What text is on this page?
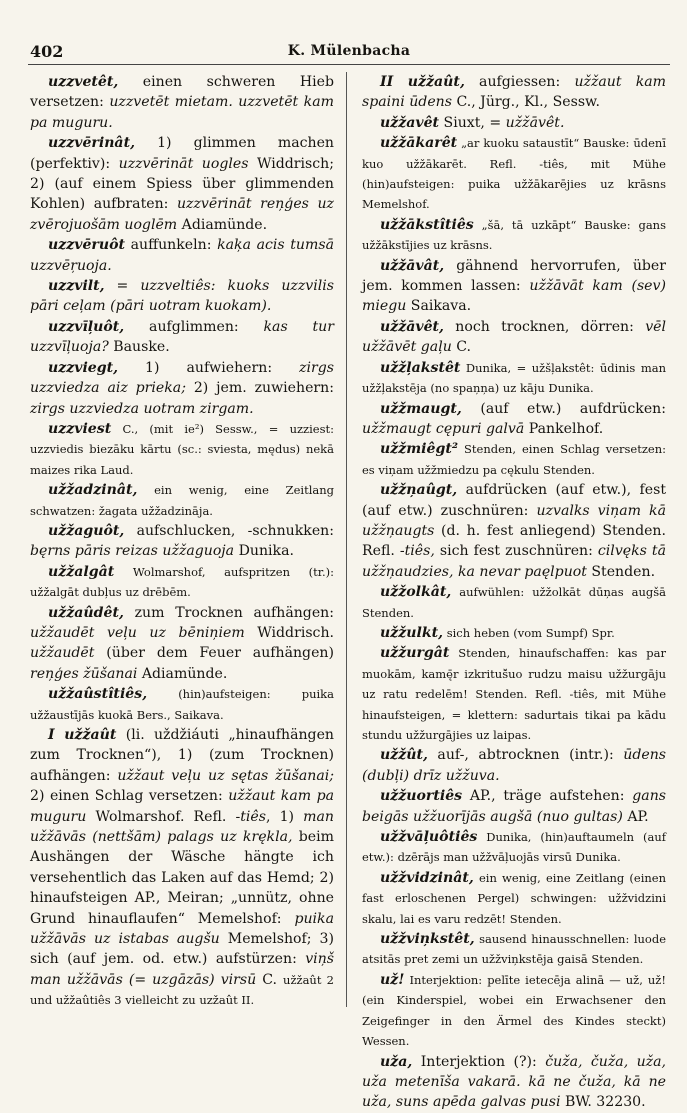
402	K. Mülenbacha
uzzvetêt, einen schweren Hieb versetzen: uzzvetēt mietam. uzzvetēt kam pa muguru.
uzzvērinât, 1) glimmen machen (perfektiv): uzzvērināt uogles Widdrisch; 2) (auf einem Spiess über glimmenden Kohlen) aufbraten: uzzvērināt reņģes uz zvērojuošām uoglēm Adiamünde.
uzzvēruôt auffunkeln: kaķa acis tumsā uzzvēŗuoja.
uzzvilt, = uzzveltiês: kuoks uzzvilis pāri ceļam (pāri uotram kuokam).
uzzvīļuôt, aufglimmen: kas tur uzzvīļuoja? Bauske.
uzzviegt, 1) aufwiehern: zirgs uzzviedza aiz prieka; 2) jem. zuwiehern: zirgs uzzviedza uotram zirgam.
uzzviest C., (mit ie²) Sessw., = uzziest: uzzviedis biezāku kārtu (sc.: sviesta, mędus) nekā maizes rika Laud.
užžadzinât, ein wenig, eine Zeitlang schwatzen: žagata užžadzināja.
užžaguôt, aufschlucken, -schnukken: bęrns pāris reizas užžaguoja Dunika.
užžalgât Wolmarshof, aufspritzen (tr.): užžalgāt dubļus uz drēbēm.
užžaûdêt, zum Trocknen aufhängen: užžaudēt veļu uz bēniņiem Widdrisch. užžaudēt (über dem Feuer aufhängen) reņģes žūšanai Adiamünde.
užžaûstîtiês, (hin)aufsteigen: puika užžaustījās kuokā Bers., Saikava.
I užžaût (li. uždžiáuti „hinaufhängen zum Trocknen“), 1) (zum Trocknen) aufhängen: užžaut veļu uz sętas žūšanai; 2) einen Schlag versetzen: užžaut kam pa muguru Wolmarshof. Refl. -tiês, 1) man užžāvās (nettšām) palags uz krękla, beim Aushängen der Wäsche hängte ich versehentlich das Laken auf das Hemd; 2) hinaufsteigen AP., Meiran; „unnütz, ohne Grund hinauflaufen“ Memelshof: puika užžāvās uz istabas augšu Memelshof; 3) sich (auf jem. od. etw.) aufstürzen: viņš man užžāvās (= uzgāzās) virsū C. užžaût 2 und užžaûtiês 3 vielleicht zu uzžaût II.
II užžaût, aufgiessen: užžaut kam spaini ūdens C., Jürg., Kl., Sessw.
užžavêt Siuxt, = užžāvêt.
užžākarêt „ar kuoku sataustīt“ Bauske: ūdenī kuo užžākarēt. Refl. -tiês, mit Mühe (hin)aufsteigen: puika užžākarējies uz krāsns Memelshof.
užžākstîtiês „šā, tā uzkāpt“ Bauske: gans užžākstījies uz krāsns.
užžāvât, gähnend hervorrufen, über jem. kommen lassen: užžāvāt kam (sev) miegu Saikava.
užžāvêt, noch trocknen, dörren: vēl užžāvēt gaļu C.
užžļakstêt Dunika, = užšļakstêt: ūdinis man užžļakstēja (no spaņņa) uz kāju Dunika.
užžmaugt, (auf etw.) aufdrücken: užžmaugt cępuri galvā Pankelhof.
užžmiêgt² Stenden, einen Schlag versetzen: es viņam užžmiedzu pa cękulu Stenden.
užžņaûgt, aufdrücken (auf etw.), fest (auf etw.) zuschnüren: uzvalks viņam kā užžņaugts (d. h. fest anliegend) Stenden. Refl. -tiês, sich fest zuschnüren: cilvęks tā užžņaudzies, ka nevar paęlpuot Stenden.
užžolkât, aufwühlen: užžolkāt dūņas augšā Stenden.
užžulkt, sich heben (vom Sumpf) Spr.
užžurgât Stenden, hinaufschaffen: kas par muokām, kamę̄r izkrituš̄uo rudzu maisu užžurgāju uz ratu redelēm! Stenden. Refl. -tiês, mit Mühe hinaufsteigen, = klettern: sadurtais tikai pa kādu stundu užžurgājies uz laipas.
užžût, auf-, abtrocknen (intr.): ūdens (dubļi) drīz užžuva.
užžuortiês AP., träge aufstehen: gans beigās užžuorījās augšā (nuo gultas) AP.
užžvāļuôtiês Dunika, (hin)auftaumeln (auf etw.): dzērājs man užžvāļuojās virsū Dunika.
užžvidzinât, ein wenig, eine Zeitlang (einen fast erloschenen Pergel) schwingen: užžvidzini skalu, lai es varu redzēt! Stenden.
užžviņkstêt, sausend hinausschnellen: luode atsitās pret zemi un užžviņkstēja gaisā Stenden.
už! Interjektion: pelīte ietecēja alinā — už, už! (ein Kinderspiel, wobei ein Erwachsener den Zeigefinger in den Ärmel des Kindes steckt) Wessen.
uža, Interjektion (?): čuža, čuža, uža, uža metenīša vakarā. kā ne čuža, kā ne uža, suns apēda galvas pusi BW. 32230.
